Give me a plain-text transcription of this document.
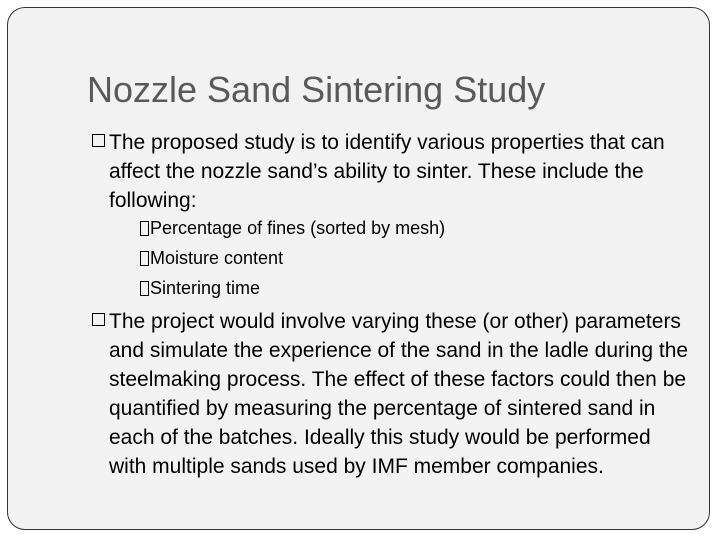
Nozzle Sand Sintering Study
The proposed study is to identify various properties that can affect the nozzle sand’s ability to sinter. These include the following:
Percentage of fines (sorted by mesh)
Moisture content
Sintering time
The project would involve varying these (or other) parameters and simulate the experience of the sand in the ladle during the steelmaking process. The effect of these factors could then be quantified by measuring the percentage of sintered sand in each of the batches. Ideally this study would be performed with multiple sands used by IMF member companies.
